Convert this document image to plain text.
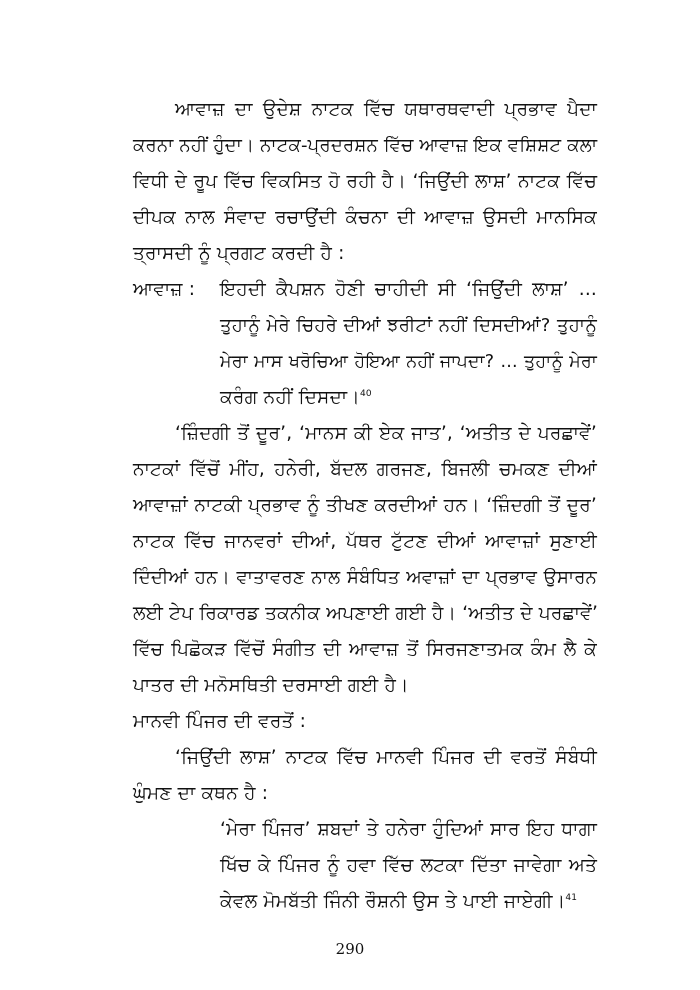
ਆਵਾਜ਼ ਦਾ ਉਦੇਸ਼ ਨਾਟਕ ਵਿੱਚ ਯਥਾਰਥਵਾਦੀ ਪ੍ਰਭਾਵ ਪੈਦਾ
ਕਰਨਾ ਨਹੀਂ ਹੁੰਦਾ। ਨਾਟਕ-ਪ੍ਰਦਰਸ਼ਨ ਵਿੱਚ ਆਵਾਜ਼ ਇਕ ਵਸ਼ਿਸ਼ਟ ਕਲਾ
ਵਿਧੀ ਦੇ ਰੂਪ ਵਿੱਚ ਵਿਕਸਿਤ ਹੋ ਰਹੀ ਹੈ। ‘ਜਿਉਂਦੀ ਲਾਸ਼’ ਨਾਟਕ ਵਿੱਚ
ਦੀਪਕ ਨਾਲ ਸੰਵਾਦ ਰਚਾਉਂਦੀ ਕੰਚਨਾ ਦੀ ਆਵਾਜ਼ ਉਸਦੀ ਮਾਨਸਿਕ
ਤ੍ਰਾਸਦੀ ਨੂੰ ਪ੍ਰਗਟ ਕਰਦੀ ਹੈ :
ਆਵਾਜ਼ : ਇਹਦੀ ਕੈਪਸ਼ਨ ਹੋਣੀ ਚਾਹੀਦੀ ਸੀ ‘ਜਿਉਂਦੀ ਲਾਸ਼’ ...
ਤੁਹਾਨੂੰ ਮੇਰੇ ਚਿਹਰੇ ਦੀਆਂ ਝਰੀਟਾਂ ਨਹੀਂ ਦਿਸਦੀਆਂ? ਤੁਹਾਨੂੰ
ਮੇਰਾ ਮਾਸ ਖਰੋਚਿਆ ਹੋਇਆ ਨਹੀਂ ਜਾਪਦਾ? ... ਤੁਹਾਨੂੰ ਮੇਰਾ
ਕਰੰਗ ਨਹੀਂ ਦਿਸਦਾ।$^{40}$
‘ਜ਼ਿੰਦਗੀ ਤੋਂ ਦੂਰ’, ‘ਮਾਨਸ ਕੀ ਏਕ ਜਾਤ’, ‘ਅਤੀਤ ਦੇ ਪਰਛਾਵੇਂ’
ਨਾਟਕਾਂ ਵਿੱਚੋਂ ਮੀਂਹ, ਹਨੇਰੀ, ਬੱਦਲ ਗਰਜਣ, ਬਿਜਲੀ ਚਮਕਣ ਦੀਆਂ
ਆਵਾਜ਼ਾਂ ਨਾਟਕੀ ਪ੍ਰਭਾਵ ਨੂੰ ਤੀਖਣ ਕਰਦੀਆਂ ਹਨ। ‘ਜ਼ਿੰਦਗੀ ਤੋਂ ਦੂਰ’
ਨਾਟਕ ਵਿੱਚ ਜਾਨਵਰਾਂ ਦੀਆਂ, ਪੱਥਰ ਟੁੱਟਣ ਦੀਆਂ ਆਵਾਜ਼ਾਂ ਸੁਣਾਈ
ਦਿੰਦੀਆਂ ਹਨ। ਵਾਤਾਵਰਣ ਨਾਲ ਸੰਬੰਧਿਤ ਅਵਾਜ਼ਾਂ ਦਾ ਪ੍ਰਭਾਵ ਉਸਾਰਨ
ਲਈ ਟੇਪ ਰਿਕਾਰਡ ਤਕਨੀਕ ਅਪਣਾਈ ਗਈ ਹੈ। ‘ਅਤੀਤ ਦੇ ਪਰਛਾਵੇਂ’
ਵਿੱਚ ਪਿਛੋਕੜ ਵਿੱਚੋਂ ਸੰਗੀਤ ਦੀ ਆਵਾਜ਼ ਤੋਂ ਸਿਰਜਣਾਤਮਕ ਕੰਮ ਲੈ ਕੇ
ਪਾਤਰ ਦੀ ਮਨੋਸਥਿਤੀ ਦਰਸਾਈ ਗਈ ਹੈ।
ਮਾਨਵੀ ਪਿੰਜਰ ਦੀ ਵਰਤੋਂ :
‘ਜਿਉਂਦੀ ਲਾਸ਼’ ਨਾਟਕ ਵਿੱਚ ਮਾਨਵੀ ਪਿੰਜਰ ਦੀ ਵਰਤੋਂ ਸੰਬੰਧੀ
ਘੁੰਮਣ ਦਾ ਕਥਨ ਹੈ :
‘ਮੇਰਾ ਪਿੰਜਰ’ ਸ਼ਬਦਾਂ ਤੇ ਹਨੇਰਾ ਹੁੰਦਿਆਂ ਸਾਰ ਇਹ ਧਾਗਾ
ਖਿੱਚ ਕੇ ਪਿੰਜਰ ਨੂੰ ਹਵਾ ਵਿੱਚ ਲਟਕਾ ਦਿੱਤਾ ਜਾਵੇਗਾ ਅਤੇ
ਕੇਵਲ ਮੋਮਬੱਤੀ ਜਿੰਨੀ ਰੌਸ਼ਨੀ ਉਸ ਤੇ ਪਾਈ ਜਾਏਗੀ।$^{41}$
290
